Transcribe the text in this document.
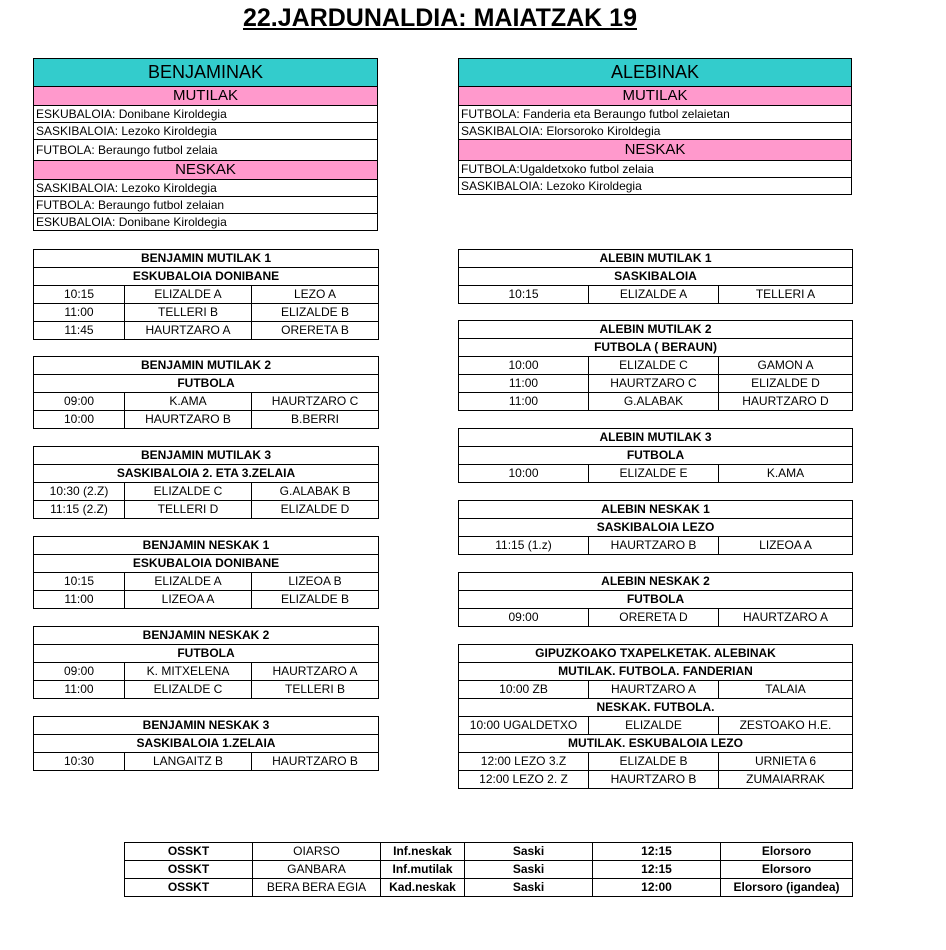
22.JARDUNALDIA: MAIATZAK 19
BENJAMINAK
MUTILAK
ESKUBALOIA: Donibane Kiroldegia
SASKIBALOIA: Lezoko Kiroldegia
FUTBOLA: Beraungo futbol zelaia
NESKAK
SASKIBALOIA: Lezoko Kiroldegia
FUTBOLA: Beraungo futbol zelaian
ESKUBALOIA: Donibane Kiroldegia
ALEBINAK
MUTILAK
FUTBOLA: Fanderia eta Beraungo futbol zelaietan
SASKIBALOIA: Elorsoroko Kiroldegia
NESKAK
FUTBOLA:Ugaldetxoko futbol zelaia
SASKIBALOIA: Lezoko Kiroldegia
BENJAMIN MUTILAK 1		
ESKUBALOIA DONIBANE		
10:15	ELIZALDE A	LEZO A
11:00	TELLERI B	ELIZALDE B
11:45	HAURTZARO A	ORERETA B
BENJAMIN MUTILAK 2		
FUTBOLA		
09:00	K.AMA	HAURTZARO C
10:00	HAURTZARO B	B.BERRI
BENJAMIN MUTILAK 3		
SASKIBALOIA 2. ETA 3.ZELAIA		
10:30 (2.Z)	ELIZALDE C	G.ALABAK B
11:15 (2.Z)	TELLERI D	ELIZALDE D
BENJAMIN NESKAK 1		
ESKUBALOIA DONIBANE		
10:15	ELIZALDE A	LIZEOA B
11:00	LIZEOA A	ELIZALDE B
BENJAMIN NESKAK 2		
FUTBOLA		
09:00	K. MITXELENA	HAURTZARO A
11:00	ELIZALDE C	TELLERI B
BENJAMIN NESKAK 3
SASKIBALOIA 1.ZELAIA
10:30	LANGAITZ B	HAURTZARO B
ALEBIN MUTILAK 1
SASKIBALOIA
10:15	ELIZALDE A	TELLERI A
ALEBIN MUTILAK 2		
FUTBOLA ( BERAUN)		
10:00	ELIZALDE C	GAMON A
11:00	HAURTZARO C	ELIZALDE D
11:00	G.ALABAK	HAURTZARO D
ALEBIN MUTILAK 3
FUTBOLA
10:00	ELIZALDE E	K.AMA
ALEBIN NESKAK 1
SASKIBALOIA LEZO
11:15 (1.z)	HAURTZARO B	LIZEOA A
ALEBIN NESKAK 2
FUTBOLA
09:00	ORERETA D	HAURTZARO A
GIPUZKOAKO TXAPELKETAK. ALEBINAK		
MUTILAK. FUTBOLA. FANDERIAN		
10:00 ZB	HAURTZARO A	TALAIA
NESKAK. FUTBOLA.		
10:00 UGALDETXO	ELIZALDE	ZESTOAKO H.E.
MUTILAK. ESKUBALOIA LEZO		
12:00 LEZO 3.Z	ELIZALDE B	URNIETA 6
12:00 LEZO 2. Z	HAURTZARO B	ZUMAIARRAK
OSSKT	OIARSO	Inf.neskak	Saski	12:15	Elorsoro
OSSKT	GANBARA	Inf.mutilak	Saski	12:15	Elorsoro
OSSKT	BERA BERA EGIA	Kad.neskak	Saski	12:00	Elorsoro (igandea)
